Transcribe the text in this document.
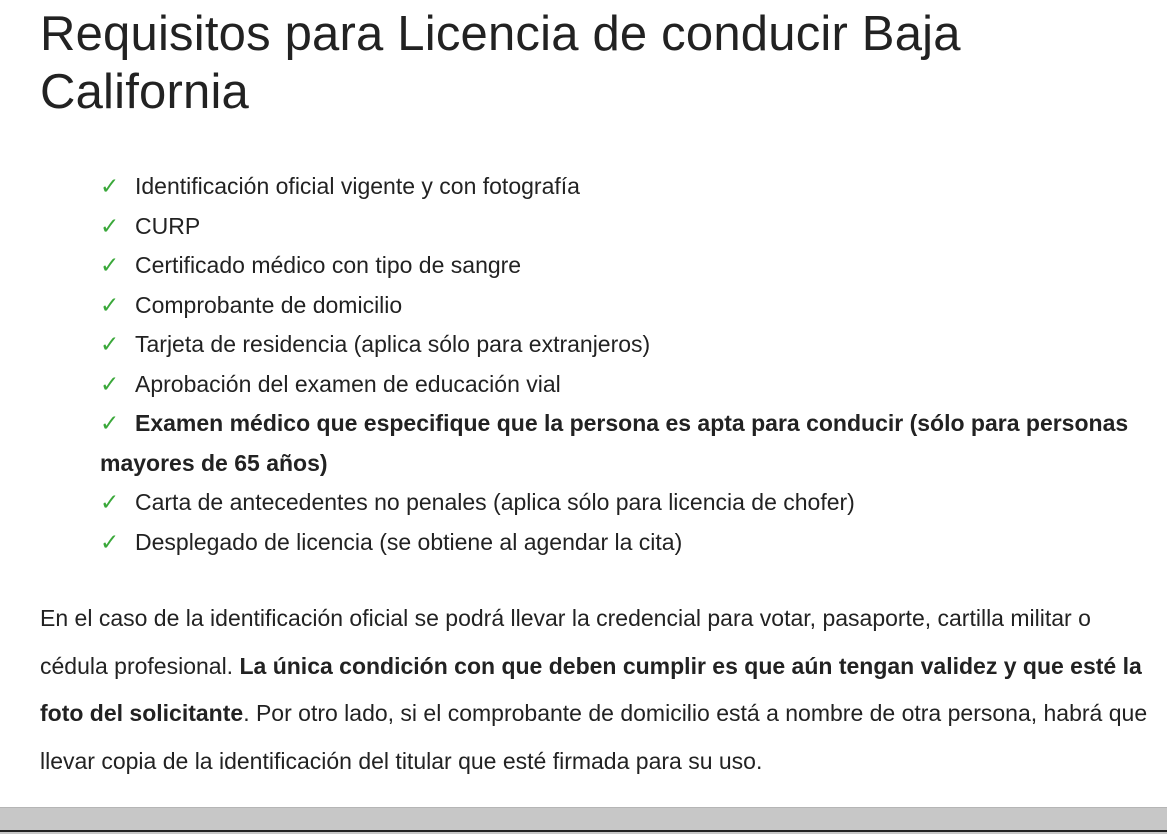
Requisitos para Licencia de conducir Baja California
✓ Identificación oficial vigente y con fotografía
✓ CURP
✓ Certificado médico con tipo de sangre
✓ Comprobante de domicilio
✓ Tarjeta de residencia (aplica sólo para extranjeros)
✓ Aprobación del examen de educación vial
✓ Examen médico que especifique que la persona es apta para conducir (sólo para personas mayores de 65 años)
✓ Carta de antecedentes no penales (aplica sólo para licencia de chofer)
✓ Desplegado de licencia (se obtiene al agendar la cita)

En el caso de la identificación oficial se podrá llevar la credencial para votar, pasaporte, cartilla militar o cédula profesional. La única condición con que deben cumplir es que aún tengan validez y que esté la foto del solicitante. Por otro lado, si el comprobante de domicilio está a nombre de otra persona, habrá que llevar copia de la identificación del titular que esté firmada para su uso.
